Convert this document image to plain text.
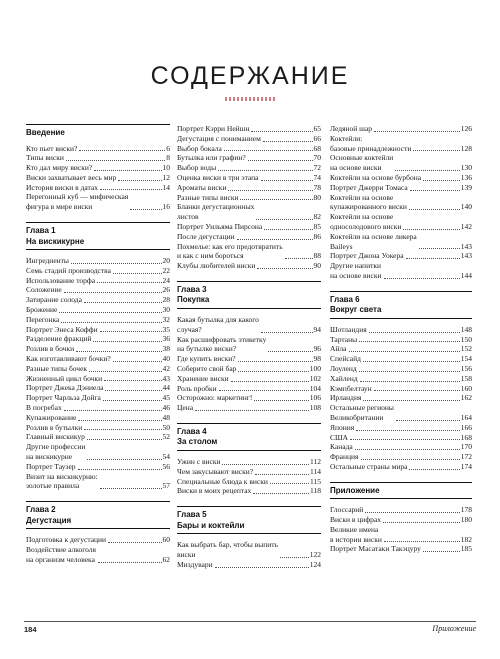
СОДЕРЖАНИЕ
Введение
Кто пьет виски?	6
Типы виски	8
Кто дал миру виски?	10
Виски захватывает весь мир	12
История виски в датах	14
Перегонный куб — мифическая
фигура в мире виски	16
Глава 1
На вискикурне
Ингредиенты	20
Семь стадий производства	22
Использование торфа	24
Соложение	26
Затирание солода	28
Брожение	30
Перегонка	32
Портрет Энеса Коффи	35
Разделение фракций	36
Розлив в бочки	38
Как изготавливают бочки?	40
Разные типы бочек	42
Жизненный цикл бочки	43
Портрет Джека Дэниела	44
Портрет Чарльза Дойга	45
В погребах	46
Купажирование	48
Розлив в бутылки	50
Главный вискикур	52
Другие профессии
на вискикурне	54
Портрет Таузер	56
Визит на вискикурню:
золотые правила	57
Глава 2
Дегустация
Подготовка к дегустации	60
Воздействие алкоголя
на организм человека	62
Портрет Кэрри Нейшн	65
Дегустация с пониманием	66
Выбор бокала	68
Бутылка или графин?	70
Выбор воды	72
Оценка виски в три этапа	74
Ароматы виски	78
Разные типы виски	80
Бланки дегустационных
листов	82
Портрет Уильяма Пирсона	85
После дегустации	86
Похмелье: как его предотвратить
и как с ним бороться	88
Клубы любителей виски	90
Глава 3
Покупка
Какая бутылка для какого
случая?	94
Как расшифровать этикетку
на бутылке виски?	96
Где купить виски?	98
Соберите свой бар	100
Хранение виски	102
Роль пробки	104
Осторожно: маркетинг!	106
Цена	108
Глава 4
За столом
Ужин с виски	112
Чем закусывают виски?	114
Специальные блюда к виски	115
Виски в моих рецептах	118
Глава 5
Бары и коктейли
Как выбрать бар, чтобы выпить
виски	122
Миздувари	124
Ледяной шар	126
Коктейли:
базовые принадлежности	128
Основные коктейли
на основе виски	130
Коктейли на основе бурбона	136
Портрет Джерри Томаса	139
Коктейли на основе
купажированного виски	140
Коктейли на основе
односолодового виски	142
Коктейли на основе ликера
Baileys	143
Портрет Джона Уокера	143
Другие напитки
на основе виски	144
Глава 6
Вокруг света
Шотландия	148
Тартаны	150
Айла	152
Спейсайд	154
Лоуленд	156
Хайленд	158
Кэмпбелтаун	160
Ирландия	162
Остальные регионы
Великобритании	164
Япония	166
США	168
Канада	170
Франция	172
Остальные страны мира	174
Приложение
Глоссарий	178
Виски в цифрах	180
Великие имена
в истории виски	182
Портрет Масатаки Такэцуру	185
184	Приложение
